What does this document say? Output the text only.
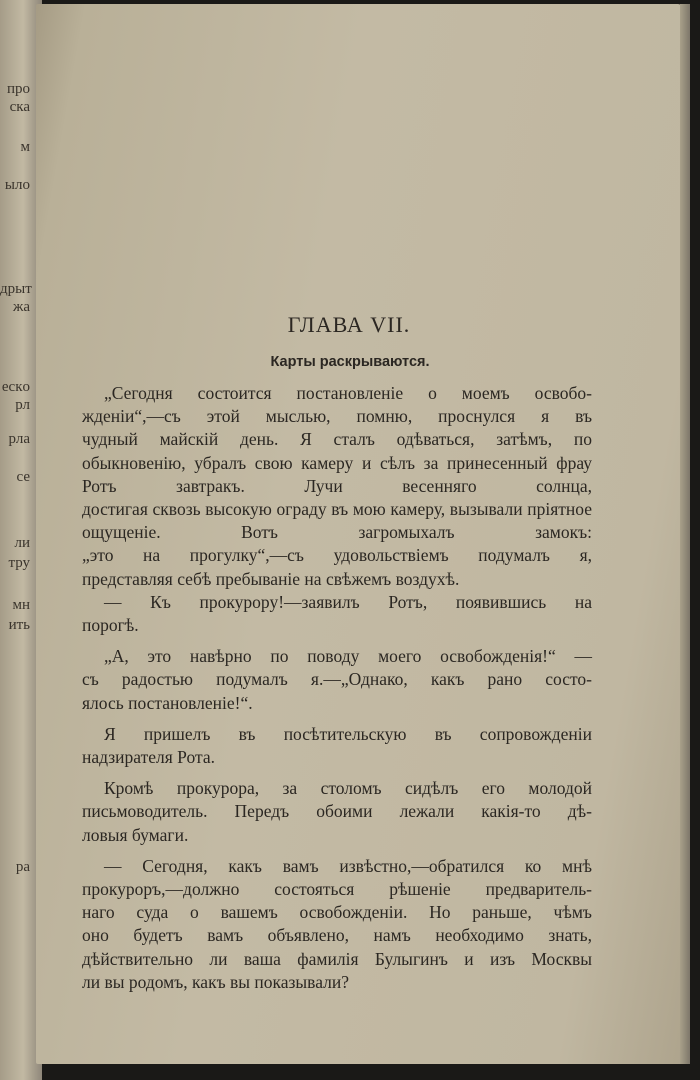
про
ска
м
ыло
дрыт
жа
ecкo
рл
рла
се
ли
тру
мн
ить
pa
ГЛАВА VII.
Карты раскрываются.
„Сегодня состоится постановленіе о моемъ освобо-
жденіи“,—съ этой мыслью, помню, проснулся я въ
чудный майскій день. Я сталъ одѣваться, затѣмъ, по
обыкновенію, убралъ свою камеру и сѣлъ за принесенный фрау Ротъ завтракъ. Лучи весенняго солнца,
достигая сквозь высокую ограду въ мою камеру, вызывали пріятное ощущеніе. Вотъ загромыхалъ замокъ:
„это на прогулку“,—съ удовольствіемъ подумалъ я,
представляя себѣ пребываніе на свѣжемъ воздухѣ.
— Къ прокурору!—заявилъ Ротъ, появившись на
порогѣ.
„А, это навѣрно по поводу моего освобожденія!“ —
съ радостью подумалъ я.—„Однако, какъ рано состо-
ялось постановленіе!“.
Я пришелъ въ посѣтительскую въ сопровожденіи
надзирателя Рота.
Кромѣ прокурора, за столомъ сидѣлъ его молодой
письмоводитель. Передъ обоими лежали какія-то дѣ-
ловыя бумаги.
— Сегодня, какъ вамъ извѣстно,—обратился ко мнѣ
прокуроръ,—должно состояться рѣшеніе предваритель-
наго суда о вашемъ освобожденіи. Но раньше, чѣмъ
оно будетъ вамъ объявлено, намъ необходимо знать,
дѣйствительно ли ваша фамилія Булыгинъ и изъ Москвы
ли вы родомъ, какъ вы показывали?
